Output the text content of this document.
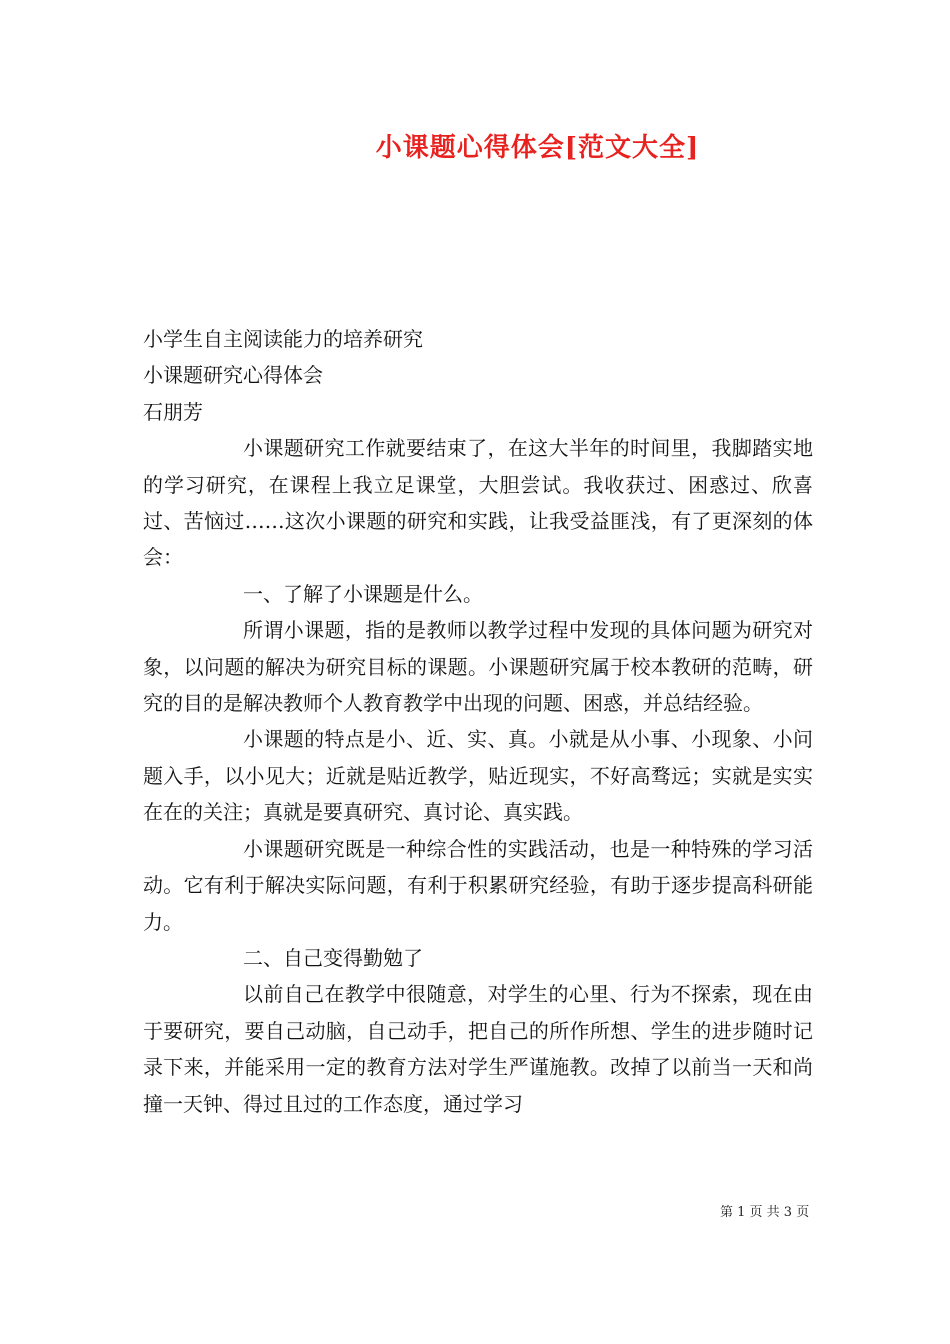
小课题心得体会[范文大全]

小学生自主阅读能力的培养研究

小课题研究心得体会

石朋芳

小课题研究工作就要结束了，在这大半年的时间里，我脚踏实地的学习研究，在课程上我立足课堂，大胆尝试。我收获过、困惑过、欣喜过、苦恼过……这次小课题的研究和实践，让我受益匪浅，有了更深刻的体会：

一、了解了小课题是什么。

所谓小课题，指的是教师以教学过程中发现的具体问题为研究对象，以问题的解决为研究目标的课题。小课题研究属于校本教研的范畴，研究的目的是解决教师个人教育教学中出现的问题、困惑，并总结经验。

小课题的特点是小、近、实、真。小就是从小事、小现象、小问题入手，以小见大；近就是贴近教学，贴近现实，不好高骛远；实就是实实在在的关注；真就是要真研究、真讨论、真实践。

小课题研究既是一种综合性的实践活动，也是一种特殊的学习活动。它有利于解决实际问题，有利于积累研究经验，有助于逐步提高科研能力。

二、自己变得勤勉了

以前自己在教学中很随意，对学生的心里、行为不探索，现在由于要研究，要自己动脑，自己动手，把自己的所作所想、学生的进步随时记录下来，并能采用一定的教育方法对学生严谨施教。改掉了以前当一天和尚撞一天钟、得过且过的工作态度，通过学习

第 1 页 共 3 页
